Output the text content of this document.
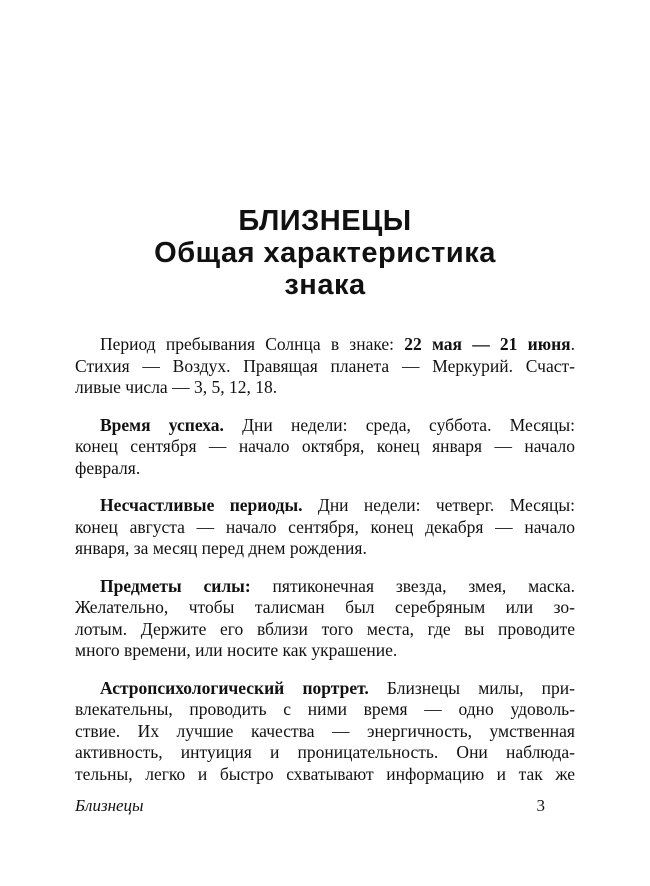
БЛИЗНЕЦЫ
Общая характеристика
знака
Период пребывания Солнца в знаке: 22 мая — 21 июня.
Стихия — Воздух. Правящая планета — Меркурий. Счаст-
ливые числа — 3, 5, 12, 18.
Время успеха. Дни недели: среда, суббота. Месяцы:
конец сентября — начало октября, конец января — начало
февраля.
Несчастливые периоды. Дни недели: четверг. Месяцы:
конец августа — начало сентября, конец декабря — начало
января, за месяц перед днем рождения.
Предметы силы: пятиконечная звезда, змея, маска.
Желательно, чтобы талисман был серебряным или зо-
лотым. Держите его вблизи того места, где вы проводите
много времени, или носите как украшение.
Астропсихологический портрет. Близнецы милы, при-
влекательны, проводить с ними время — одно удоволь-
ствие. Их лучшие качества — энергичность, умственная
активность, интуиция и проницательность. Они наблюда-
тельны, легко и быстро схватывают информацию и так же
Близнецы	3
